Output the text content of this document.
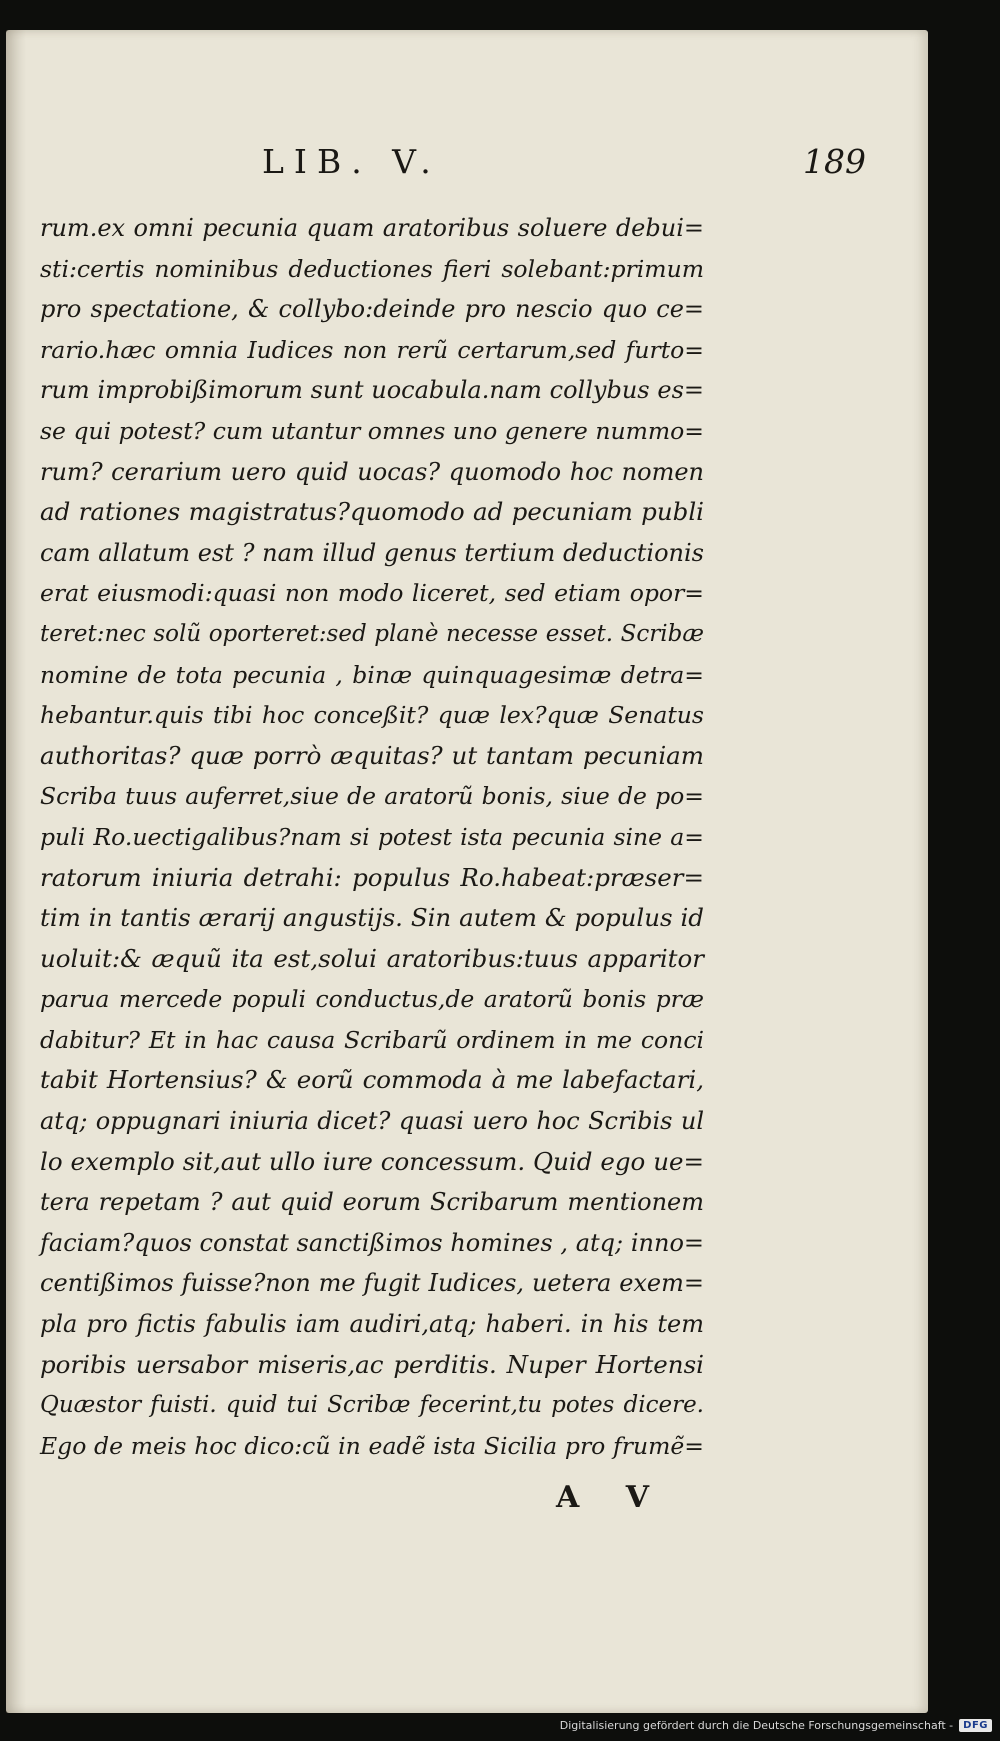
LIB. V.	189
rum.ex omni pecunia quam aratoribus soluere debui=
sti:certis nominibus deductiones fieri solebant:primum
pro spectatione, & collybo:deinde pro nescio quo ce=
rario.hæc omnia Iudices non rerũ certarum,sed furto=
rum improbißimorum sunt uocabula.nam collybus es=
se qui potest? cum utantur omnes uno genere nummo=
rum? cerarium uero quid uocas? quomodo hoc nomen
ad rationes magistratus?quomodo ad pecuniam publi
cam allatum est ? nam illud genus tertium deductionis
erat eiusmodi:quasi non modo liceret, sed etiam opor=
teret:nec solũ oporteret:sed planè necesse esset. Scribæ
nomine de tota pecunia , binæ quinquagesimæ detra=
hebantur.quis tibi hoc conceßit? quæ lex?quæ Senatus
authoritas? quæ porrò æquitas? ut tantam pecuniam
Scriba tuus auferret,siue de aratorũ bonis, siue de po=
puli Ro.uectigalibus?nam si potest ista pecunia sine a=
ratorum iniuria detrahi: populus Ro.habeat:præser=
tim in tantis ærarij angustijs. Sin autem & populus id
uoluit:& æquũ ita est,solui aratoribus:tuus apparitor
parua mercede populi conductus,de aratorũ bonis præ
dabitur? Et in hac causa Scribarũ ordinem in me conci
tabit Hortensius? & eorũ commoda à me labefactari,
atq; oppugnari iniuria dicet? quasi uero hoc Scribis ul
lo exemplo sit,aut ullo iure concessum. Quid ego ue=
tera repetam ? aut quid eorum Scribarum mentionem
faciam?quos constat sanctißimos homines , atq; inno=
centißimos fuisse?non me fugit Iudices, uetera exem=
pla pro fictis fabulis iam audiri,atq; haberi. in his tem
poribis uersabor miseris,ac perditis. Nuper Hortensi
Quæstor fuisti. quid tui Scribæ fecerint,tu potes dicere.
Ego de meis hoc dico:cũ in eadẽ ista Sicilia pro frumẽ=
A V
Digitalisierung gefördert durch die Deutsche Forschungsgemeinschaft -	DFG
